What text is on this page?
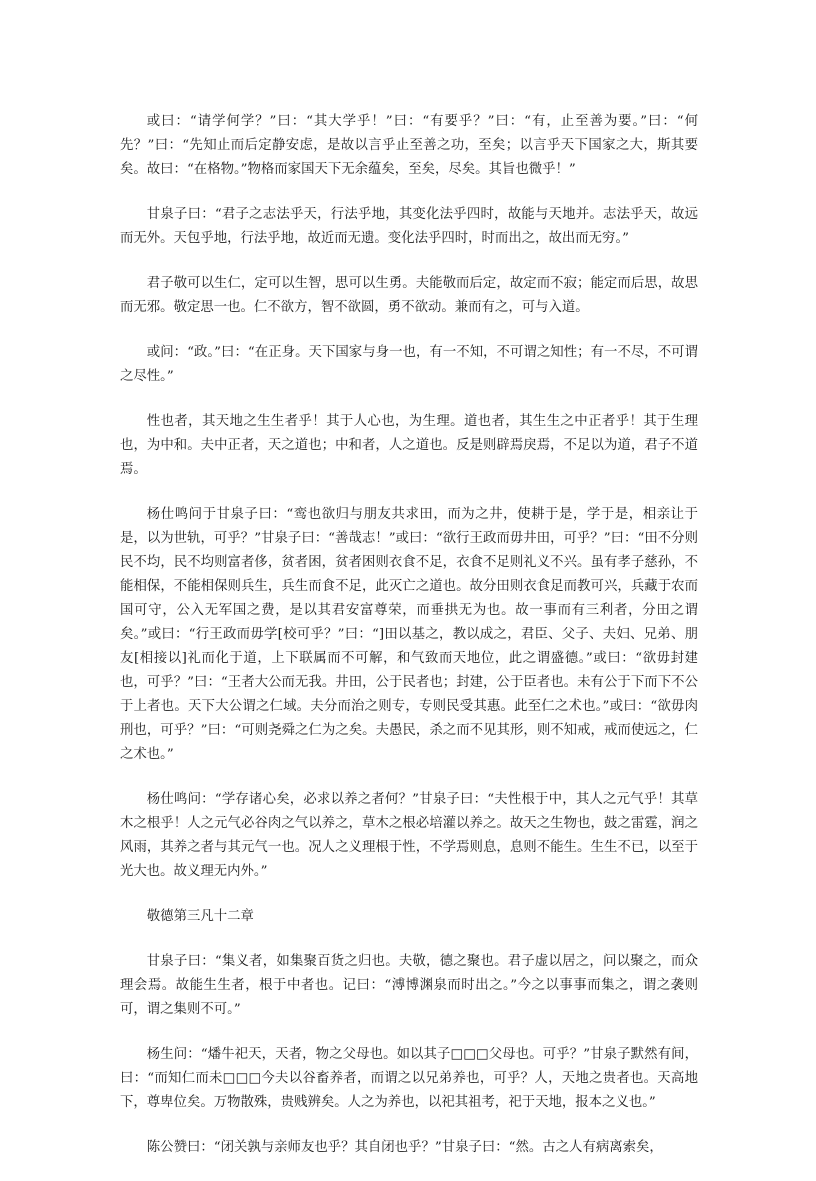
或曰：“请学何学？”曰：“其大学乎！”曰：“有要乎？”曰：“有，止至善为要。”曰：“何先？”曰：“先知止而后定静安虑，是故以言乎止至善之功，至矣；以言乎天下国家之大，斯其要矣。故曰：“在格物。”物格而家国天下无余蕴矣，至矣，尽矣。其旨也微乎！”

甘泉子曰：“君子之志法乎天，行法乎地，其变化法乎四时，故能与天地并。志法乎天，故远而无外。天包乎地，行法乎地，故近而无遗。变化法乎四时，时而出之，故出而无穷。”

君子敬可以生仁，定可以生智，思可以生勇。夫能敬而后定，故定而不寂；能定而后思，故思而无邪。敬定思一也。仁不欲方，智不欲圆，勇不欲动。兼而有之，可与入道。

或问：“政。”曰：“在正身。天下国家与身一也，有一不知，不可谓之知性；有一不尽，不可谓之尽性。”

性也者，其天地之生生者乎！其于人心也，为生理。道也者，其生生之中正者乎！其于生理也，为中和。夫中正者，天之道也；中和者，人之道也。反是则辟焉戾焉，不足以为道，君子不道焉。

杨仕鸣问于甘泉子曰：“鸾也欲归与朋友共求田，而为之井，使耕于是，学于是，相亲让于是，以为世轨，可乎？”甘泉子曰：“善哉志！”或曰：“欲行王政而毋井田，可乎？”曰：“田不分则民不均，民不均则富者侈，贫者困，贫者困则衣食不足，衣食不足则礼义不兴。虽有孝子慈孙，不能相保，不能相保则兵生，兵生而食不足，此灭亡之道也。故分田则衣食足而教可兴，兵藏于农而国可守，公入无军国之费，是以其君安富尊荣，而垂拱无为也。故一事而有三利者，分田之谓矣。”或曰：“行王政而毋学[校可乎？”曰：“]田以基之，教以成之，君臣、父子、夫妇、兄弟、朋友[相接以]礼而化于道，上下联属而不可解，和气致而天地位，此之谓盛德。”或曰：“欲毋封建也，可乎？”曰：“王者大公而无我。井田，公于民者也；封建，公于臣者也。未有公于下而下不公于上者也。天下大公谓之仁域。夫分而治之则专，专则民受其惠。此至仁之术也。”或曰：“欲毋肉刑也，可乎？”曰：“可则尧舜之仁为之矣。夫愚民，杀之而不见其形，则不知戒，戒而使远之，仁之术也。”

杨仕鸣问：“学存诸心矣，必求以养之者何？”甘泉子曰：“夫性根于中，其人之元气乎！其草木之根乎！人之元气必谷肉之气以养之，草木之根必培灌以养之。故天之生物也，鼓之雷霆，润之风雨，其养之者与其元气一也。况人之义理根于性，不学焉则息，息则不能生。生生不已，以至于光大也。故义理无内外。”

敬德第三凡十二章

甘泉子曰：“集义者，如集聚百货之归也。夫敬，德之聚也。君子虚以居之，问以聚之，而众理会焉。故能生生者，根于中者也。记曰：“溥博渊泉而时出之。”今之以事事而集之，谓之袭则可，谓之集则不可。”

杨生问：“燔牛祀天，天者，物之父母也。如以其子□□□父母也。可乎？”甘泉子默然有间，曰：“而知仁而未□□□今夫以谷畜养者，而谓之以兄弟养也，可乎？人，天地之贵者也。天高地下，尊卑位矣。万物散殊，贵贱辨矣。人之为养也，以祀其祖考，祀于天地，报本之义也。”

陈公赞曰：“闭关孰与亲师友也乎？其自闭也乎？”甘泉子曰：“然。古之人有病离索矣，
